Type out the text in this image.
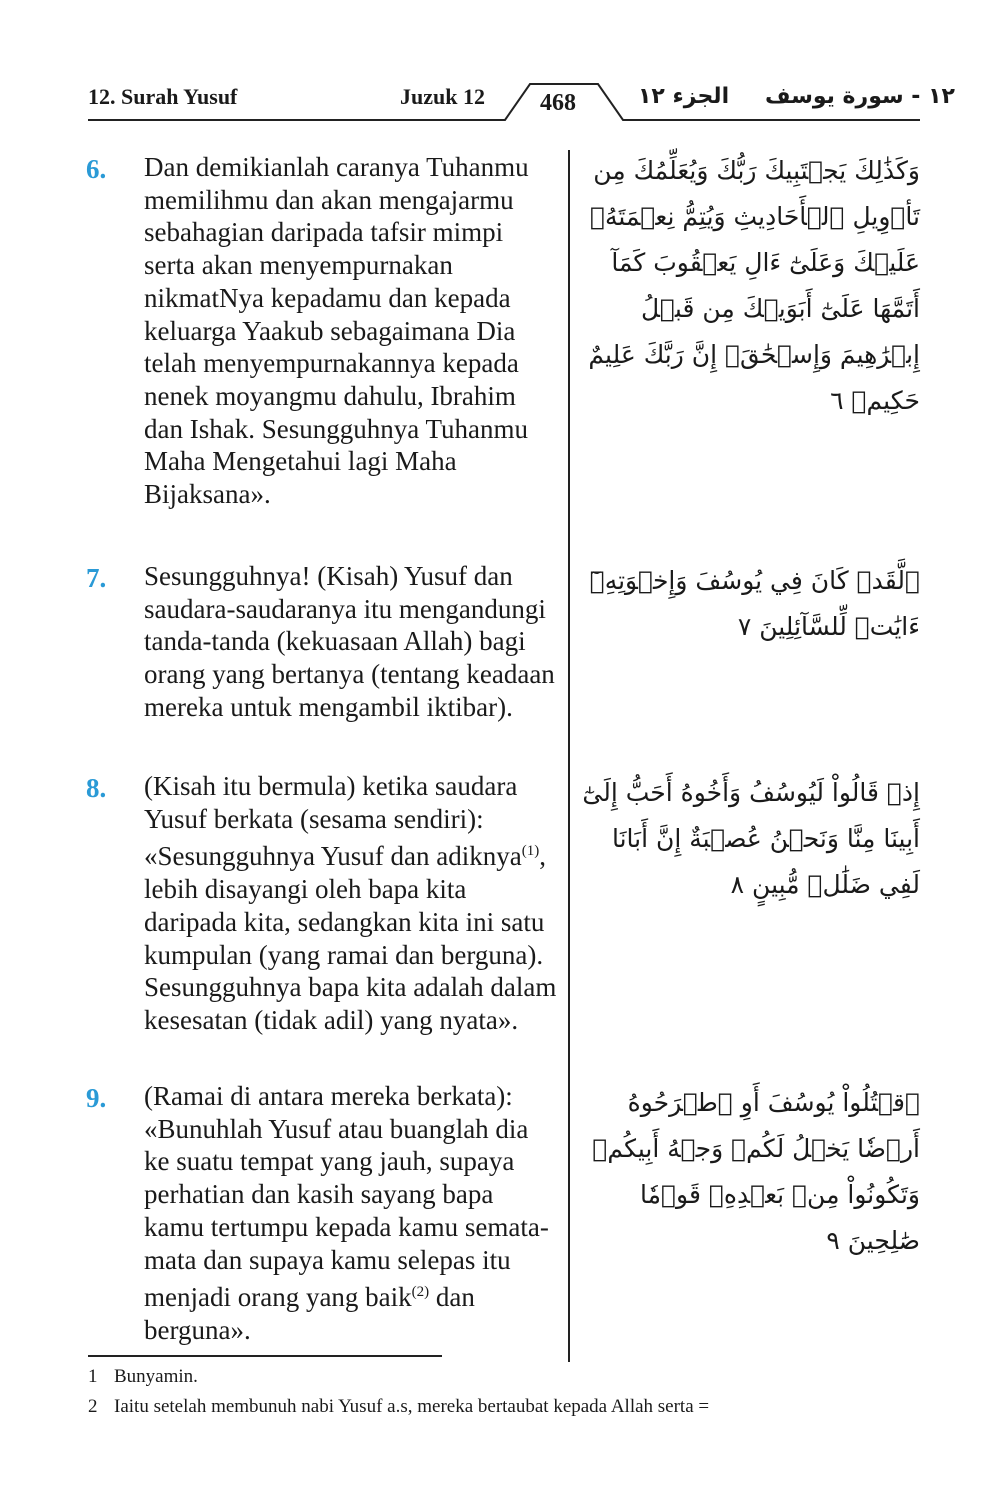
12. Surah Yusuf	Juzuk 12 468	الجزء ١٢ ١٢ - سورة يوسف
6. Dan demikianlah caranya Tuhanmu memilihmu dan akan mengajarmu sebahagian daripada tafsir mimpi serta akan menyempurnakan nikmatNya kepadamu dan kepada keluarga Yaakub sebagaimana Dia telah menyempurnakannya kepada nenek moyangmu dahulu, Ibrahim dan Ishak. Sesungguhnya Tuhanmu Maha Mengetahui lagi Maha Bijaksana».
وَكَذَٰلِكَ يَجۡتَبِيكَ رَبُّكَ وَيُعَلِّمُكَ مِن تَأۡوِيلِ ٱلۡأَحَادِيثِ وَيُتِمُّ نِعۡمَتَهُۥ عَلَيۡكَ وَعَلَىٰٓ ءَالِ يَعۡقُوبَ كَمَآ أَتَمَّهَا عَلَىٰٓ أَبَوَيۡكَ مِن قَبۡلُ إِبۡرَٰهِيمَ وَإِسۡحَٰقَۚ إِنَّ رَبَّكَ عَلِيمٌ حَكِيمٞ ٦
7. Sesungguhnya! (Kisah) Yusuf dan saudara-saudaranya itu mengandungi tanda-tanda (kekuasaan Allah) bagi orang yang bertanya (tentang keadaan mereka untuk mengambil iktibar).
۞لَّقَدۡ كَانَ فِي يُوسُفَ وَإِخۡوَتِهِۦٓ ءَايَٰتٞ لِّلسَّآئِلِينَ ٧
8. (Kisah itu bermula) ketika saudara Yusuf berkata (sesama sendiri): «Sesungguhnya Yusuf dan adiknya$^{(1)}$, lebih disayangi oleh bapa kita daripada kita, sedangkan kita ini satu kumpulan (yang ramai dan berguna). Sesungguhnya bapa kita adalah dalam kesesatan (tidak adil) yang nyata».
إِذۡ قَالُواْ لَيُوسُفُ وَأَخُوهُ أَحَبُّ إِلَىٰٓ أَبِينَا مِنَّا وَنَحۡنُ عُصۡبَةٌ إِنَّ أَبَانَا لَفِي ضَلَٰلٖ مُّبِينٍ ٨
9. (Ramai di antara mereka berkata): «Bunuhlah Yusuf atau buanglah dia ke suatu tempat yang jauh, supaya perhatian dan kasih sayang bapa kamu tertumpu kepada kamu semata-mata dan supaya kamu selepas itu menjadi orang yang baik$^{(2)}$ dan berguna».
ٱقۡتُلُواْ يُوسُفَ أَوِ ٱطۡرَحُوهُ أَرۡضٗا يَخۡلُ لَكُمۡ وَجۡهُ أَبِيكُمۡ وَتَكُونُواْ مِنۢ بَعۡدِهِۦ قَوۡمٗا صَٰلِحِينَ ٩
1 Bunyamin.
2 Iaitu setelah membunuh nabi Yusuf a.s, mereka bertaubat kepada Allah serta =
